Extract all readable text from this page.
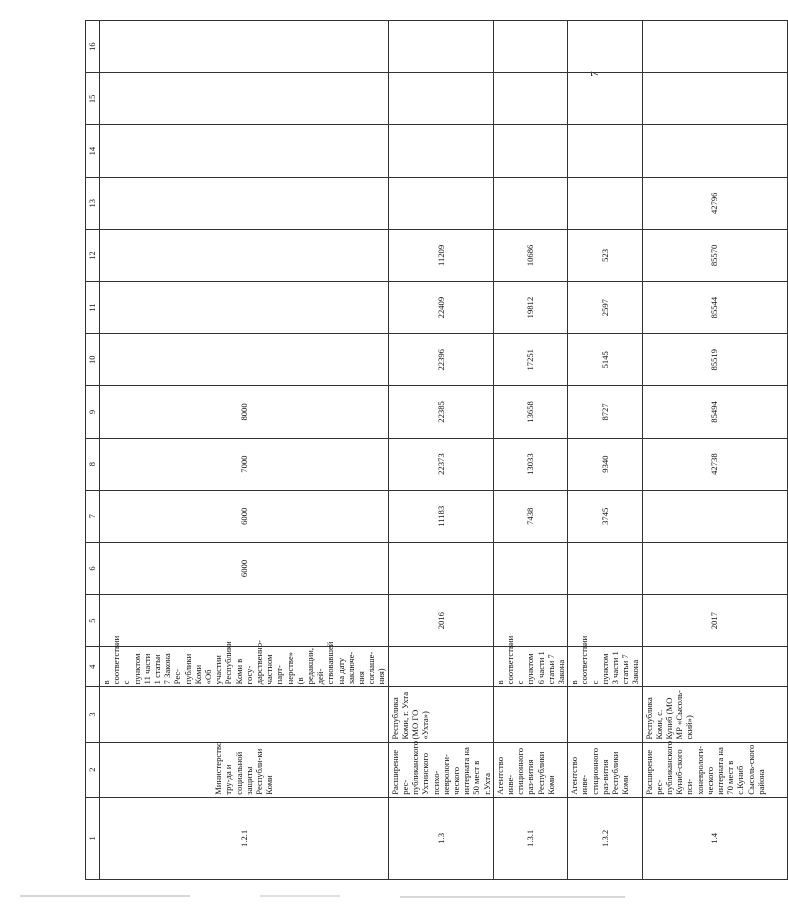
7
1	2	3	4	5	6	7	8	9	10	11	12	13	14	15	16
1.2.1	Министерство тру-да и социальной защиты Республи-ки Коми		в соответствии с пунктом 11 части 1 статьи 7 Закона Рес-публики Коми «Об участии Республики Коми в госу-дарственно-частном парт-нерстве» (в редакции, дей-ствовавшей на дату заключе-ния соглаше-ния)		6000	6000	7000	8000							
1.3	Расширение рес-публиканского Ухтинского психо-неврологи-ческого интерната на 50 мест в г.Ухта	Республика Коми, г. Ухта (МО ГО «Ухта»)		2016		11183	22373	22385	22396	22409	11209				
1.3.1	Агентство инве-стиционного раз-вития Республики Коми		в соответствии с пунктом 6 части 1 статьи 7 Закона			7438	13033	13658	17251	19812	10686				
1.3.2	Агентство инве-стиционного раз-вития Республики Коми		в соответствии с пунктом 3 части 1 статьи 7 Закона			3745	9340	8727	5145	2597	523				
1.4	Расширение рес-публиканского Куниб-ского пси-хоневрологи-ческого интерната на 70 мест в с.Куниб Сысоль-ского района	Республика Коми, с. Куниб (МО МР «Сысоль-ский»)		2017			42738	85494	85519	85544	85570	42796			
